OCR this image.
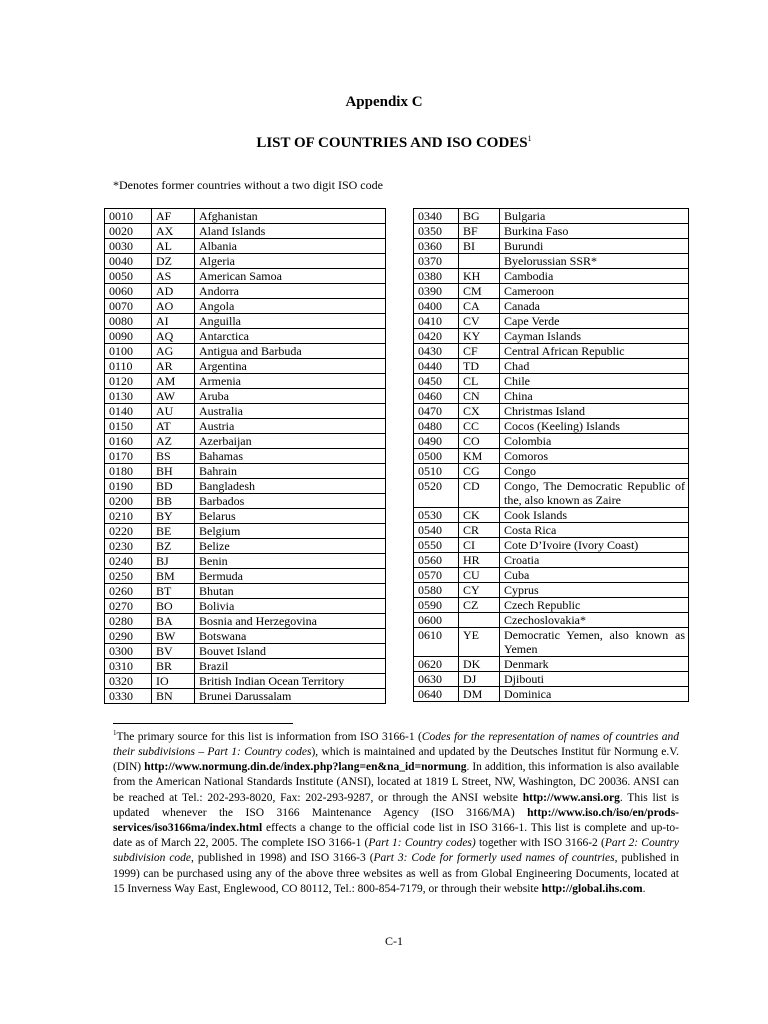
Appendix C
LIST OF COUNTRIES AND ISO CODES$^1$
*Denotes former countries without a two digit ISO code
0010	AF	Afghanistan
0020	AX	Aland Islands
0030	AL	Albania
0040	DZ	Algeria
0050	AS	American Samoa
0060	AD	Andorra
0070	AO	Angola
0080	AI	Anguilla
0090	AQ	Antarctica
0100	AG	Antigua and Barbuda
0110	AR	Argentina
0120	AM	Armenia
0130	AW	Aruba
0140	AU	Australia
0150	AT	Austria
0160	AZ	Azerbaijan
0170	BS	Bahamas
0180	BH	Bahrain
0190	BD	Bangladesh
0200	BB	Barbados
0210	BY	Belarus
0220	BE	Belgium
0230	BZ	Belize
0240	BJ	Benin
0250	BM	Bermuda
0260	BT	Bhutan
0270	BO	Bolivia
0280	BA	Bosnia and Herzegovina
0290	BW	Botswana
0300	BV	Bouvet Island
0310	BR	Brazil
0320	IO	British Indian Ocean Territory
0330	BN	Brunei Darussalam
0340	BG	Bulgaria
0350	BF	Burkina Faso
0360	BI	Burundi
0370		Byelorussian SSR*
0380	KH	Cambodia
0390	CM	Cameroon
0400	CA	Canada
0410	CV	Cape Verde
0420	KY	Cayman Islands
0430	CF	Central African Republic
0440	TD	Chad
0450	CL	Chile
0460	CN	China
0470	CX	Christmas Island
0480	CC	Cocos (Keeling) Islands
0490	CO	Colombia
0500	KM	Comoros
0510	CG	Congo
0520	CD	Congo, The Democratic Republic of the, also known as Zaire
0530	CK	Cook Islands
0540	CR	Costa Rica
0550	CI	Cote D’Ivoire (Ivory Coast)
0560	HR	Croatia
0570	CU	Cuba
0580	CY	Cyprus
0590	CZ	Czech Republic
0600		Czechoslovakia*
0610	YE	Democratic Yemen, also known as Yemen
0620	DK	Denmark
0630	DJ	Djibouti
0640	DM	Dominica
$^1$The primary source for this list is information from ISO 3166-1 (Codes for the representation of names of countries and their subdivisions – Part 1: Country codes), which is maintained and updated by the Deutsches Institut für Normung e.V. (DIN) http://www.normung.din.de/index.php?lang=en&na_id=normung. In addition, this information is also available from the American National Standards Institute (ANSI), located at 1819 L Street, NW, Washington, DC 20036. ANSI can be reached at Tel.: 202-293-8020, Fax: 202-293-9287, or through the ANSI website http://www.ansi.org. This list is updated whenever the ISO 3166 Maintenance Agency (ISO 3166/MA) http://www.iso.ch/iso/en/prods-services/iso3166ma/index.html effects a change to the official code list in ISO 3166-1. This list is complete and up-to-date as of March 22, 2005. The complete ISO 3166-1 (Part 1: Country codes) together with ISO 3166-2 (Part 2: Country subdivision code, published in 1998) and ISO 3166-3 (Part 3: Code for formerly used names of countries, published in 1999) can be purchased using any of the above three websites as well as from Global Engineering Documents, located at 15 Inverness Way East, Englewood, CO 80112, Tel.: 800-854-7179, or through their website http://global.ihs.com.
C-1
